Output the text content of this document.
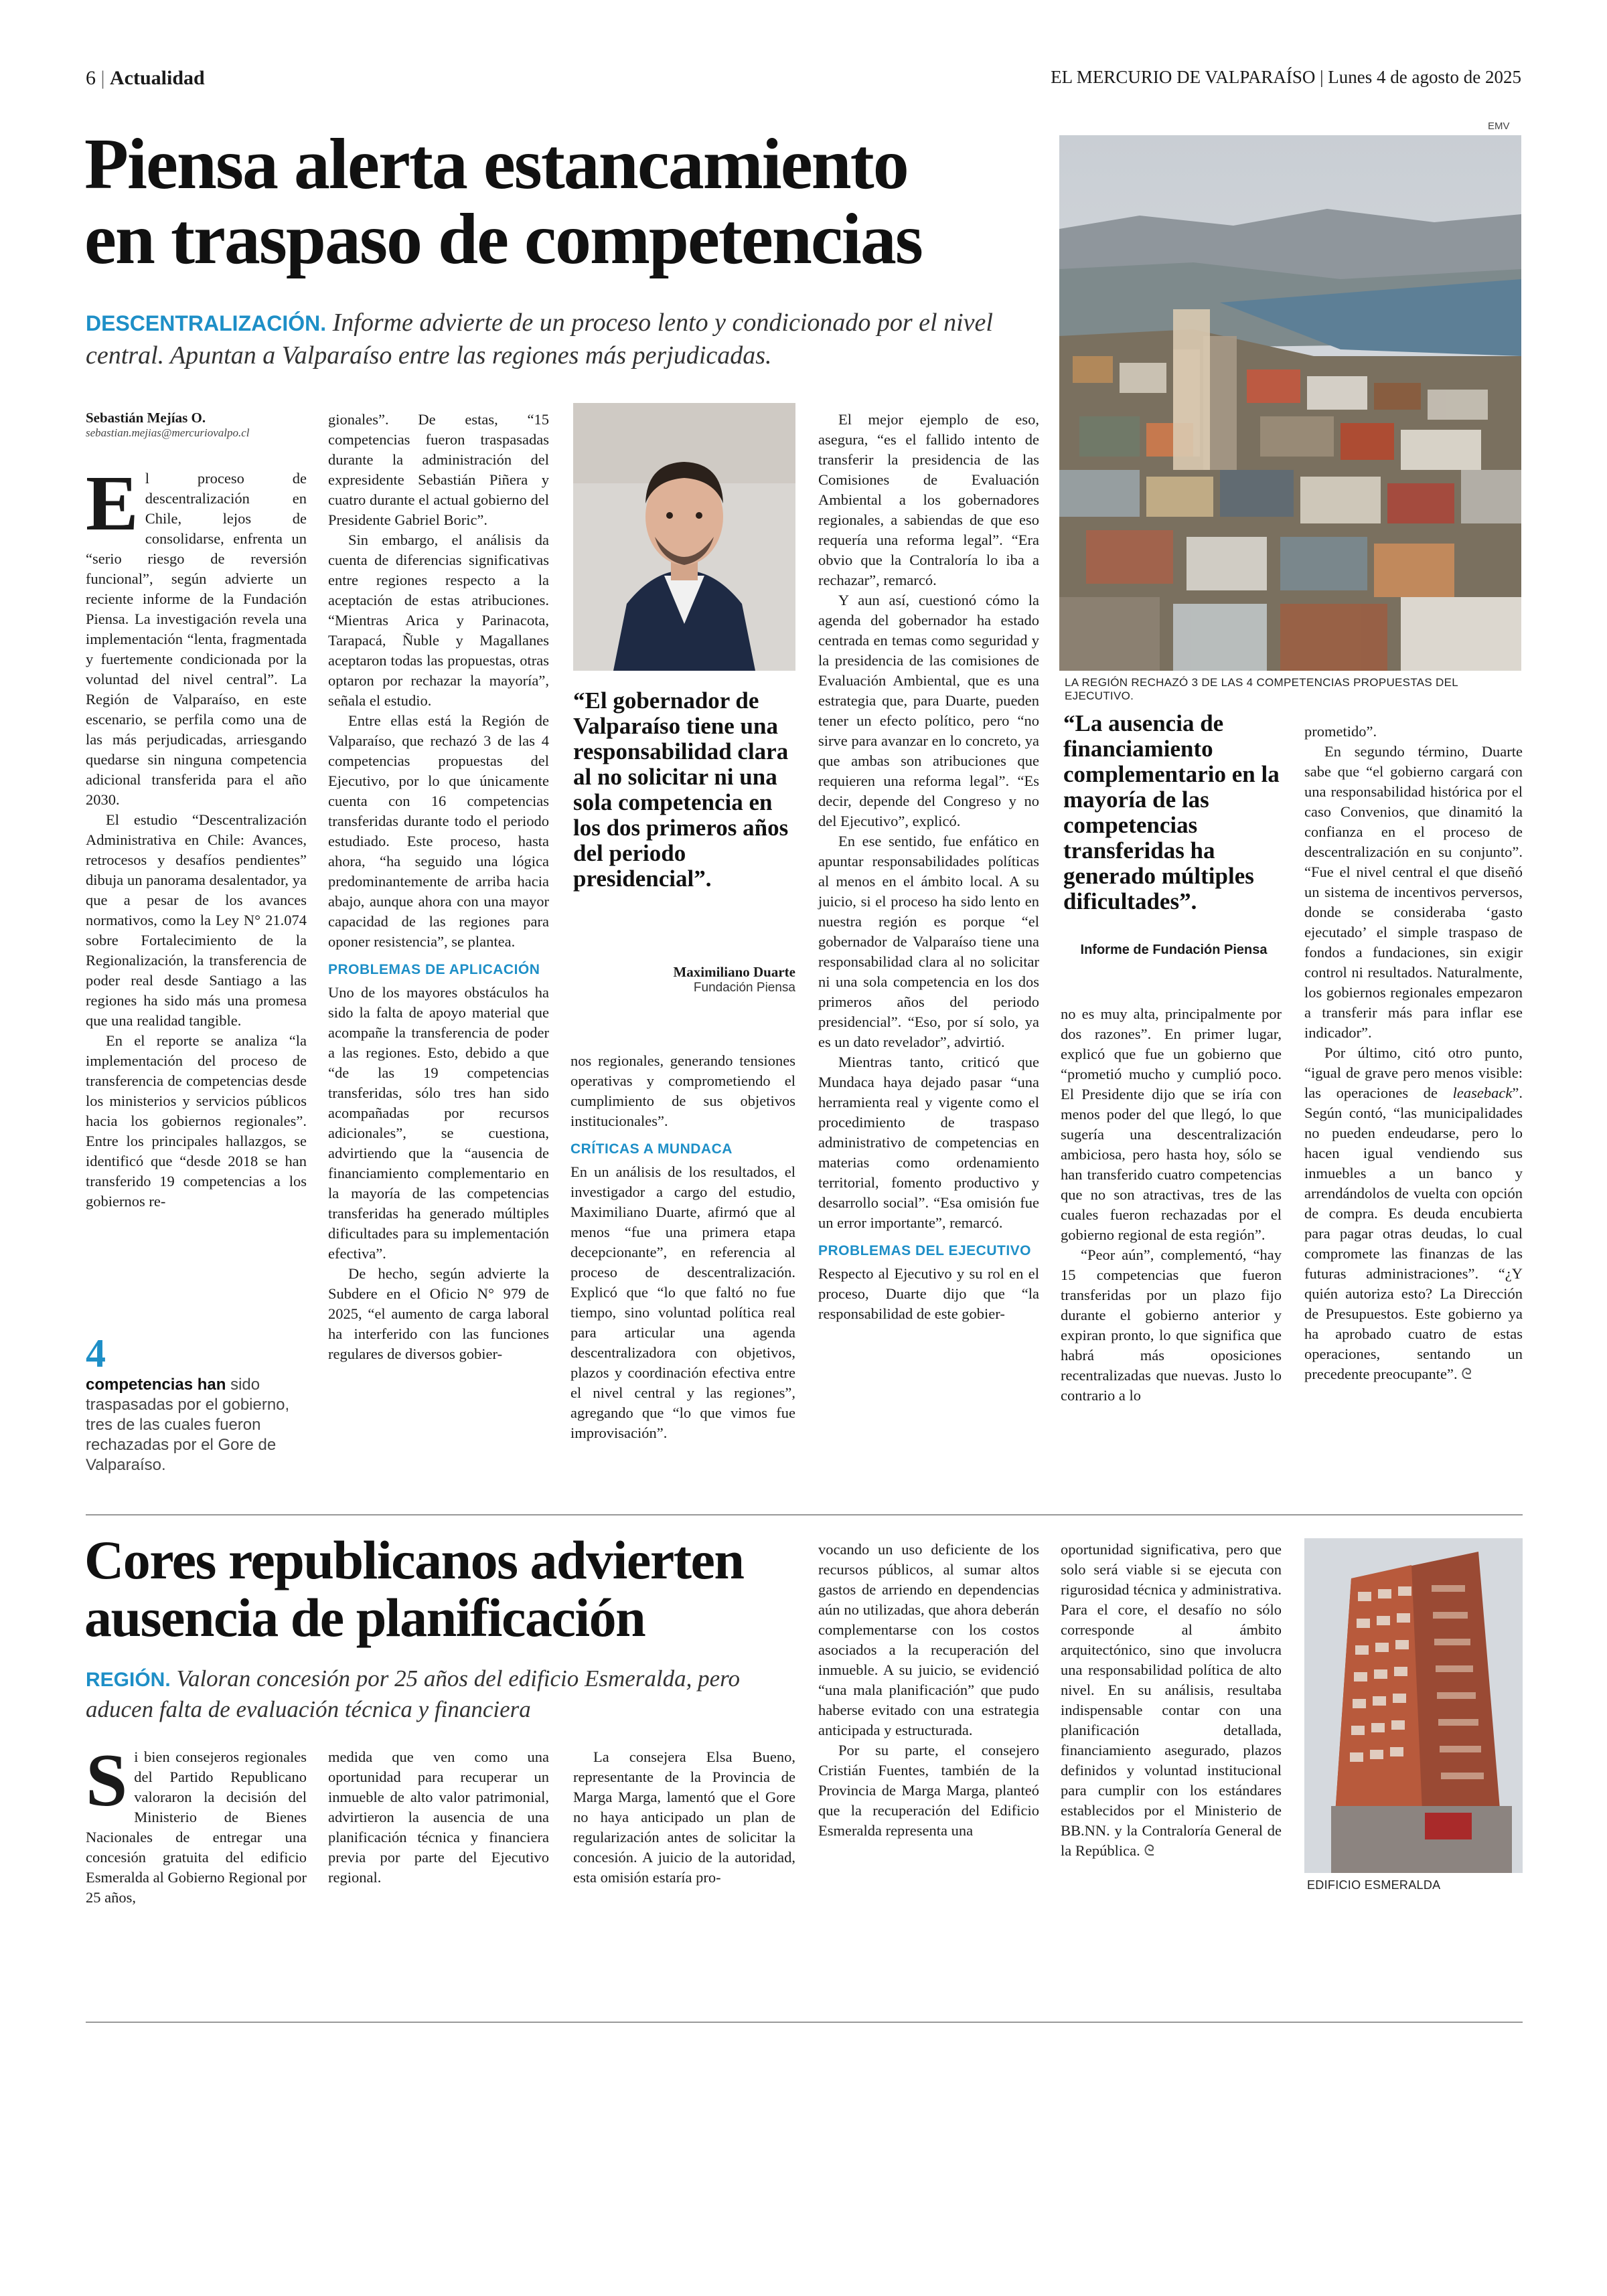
6 | Actualidad	EL MERCURIO DE VALPARAÍSO | Lunes 4 de agosto de 2025
Piensa alerta estancamiento
en traspaso de competencias
DESCENTRALIZACIÓN. Informe advierte de un proceso lento y condicionado por el nivel central. Apuntan a Valparaíso entre las regiones más perjudicadas.
EMV
LA REGIÓN RECHAZÓ 3 DE LAS 4 COMPETENCIAS PROPUESTAS DEL EJECUTIVO.
Sebastián Mejías O.
sebastian.mejias@mercuriovalpo.cl

El proceso de descentralización en Chile, lejos de consolidarse, enfrenta un “serio riesgo de reversión funcional”, según advierte un reciente informe de la Fundación Piensa. La investigación revela una implementación “lenta, fragmentada y fuertemente condicionada por la voluntad del nivel central”. La Región de Valparaíso, en este escenario, se perfila como una de las más perjudicadas, arriesgando quedarse sin ninguna competencia adicional transferida para el año 2030.

El estudio “Descentralización Administrativa en Chile: Avances, retrocesos y desafíos pendientes” dibuja un panorama desalentador, ya que a pesar de los avances normativos, como la Ley N° 21.074 sobre Fortalecimiento de la Regionalización, la transferencia de poder real desde Santiago a las regiones ha sido más una promesa que una realidad tangible.

En el reporte se analiza “la implementación del proceso de transferencia de competencias desde los ministerios y servicios públicos hacia los gobiernos regionales”. Entre los principales hallazgos, se identificó que “desde 2018 se han transferido 19 competencias a los gobiernos re-

4
competencias han sido traspasadas por el gobierno, tres de las cuales fueron rechazadas por el Gore de Valparaíso.

gionales”. De estas, “15 competencias fueron traspasadas durante la administración del expresidente Sebastián Piñera y cuatro durante el actual gobierno del Presidente Gabriel Boric”.

Sin embargo, el análisis da cuenta de diferencias significativas entre regiones respecto a la aceptación de estas atribuciones. “Mientras Arica y Parinacota, Tarapacá, Ñuble y Magallanes aceptaron todas las propuestas, otras optaron por rechazar la mayoría”, señala el estudio.

Entre ellas está la Región de Valparaíso, que rechazó 3 de las 4 competencias propuestas del Ejecutivo, por lo que únicamente cuenta con 16 competencias transferidas durante todo el periodo estudiado. Este proceso, hasta ahora, “ha seguido una lógica predominantemente de arriba hacia abajo, aunque ahora con una mayor capacidad de las regiones para oponer resistencia”, se plantea.

PROBLEMAS DE APLICACIÓN

Uno de los mayores obstáculos ha sido la falta de apoyo material que acompañe la transferencia de poder a las regiones. Esto, debido a que “de las 19 competencias transferidas, sólo tres han sido acompañadas por recursos adicionales”, se cuestiona, advirtiendo que la “ausencia de financiamiento complementario en la mayoría de las competencias transferidas ha generado múltiples dificultades para su implementación efectiva”.

De hecho, según advierte la Subdere en el Oficio N° 979 de 2025, “el aumento de carga laboral ha interferido con las funciones regulares de diversos gobier-

“El gobernador de Valparaíso tiene una responsabilidad clara al no solicitar ni una sola competencia en los dos primeros años del periodo presidencial”.
Maximiliano Duarte
Fundación Piensa

nos regionales, generando tensiones operativas y comprometiendo el cumplimiento de sus objetivos institucionales”.

CRÍTICAS A MUNDACA

En un análisis de los resultados, el investigador a cargo del estudio, Maximiliano Duarte, afirmó que al menos “fue una primera etapa decepcionante”, en referencia al proceso de descentralización. Explicó que “lo que faltó no fue tiempo, sino voluntad política real para articular una agenda descentralizadora con objetivos, plazos y coordinación efectiva entre el nivel central y las regiones”, agregando que “lo que vimos fue improvisación”.

El mejor ejemplo de eso, asegura, “es el fallido intento de transferir la presidencia de las Comisiones de Evaluación Ambiental a los gobernadores regionales, a sabiendas de que eso requería una reforma legal”. “Era obvio que la Contraloría lo iba a rechazar”, remarcó.

Y aun así, cuestionó cómo la agenda del gobernador ha estado centrada en temas como seguridad y la presidencia de las comisiones de Evaluación Ambiental, que es una estrategia que, para Duarte, pueden tener un efecto político, pero “no sirve para avanzar en lo concreto, ya que ambas son atribuciones que requieren una reforma legal”. “Es decir, depende del Congreso y no del Ejecutivo”, explicó.

En ese sentido, fue enfático en apuntar responsabilidades políticas al menos en el ámbito local. A su juicio, si el proceso ha sido lento en nuestra región es porque “el gobernador de Valparaíso tiene una responsabilidad clara al no solicitar ni una sola competencia en los dos primeros años del periodo presidencial”. “Eso, por sí solo, ya es un dato revelador”, advirtió.

Mientras tanto, criticó que Mundaca haya dejado pasar “una herramienta real y vigente como el procedimiento de traspaso administrativo de competencias en materias como ordenamiento territorial, fomento productivo y desarrollo social”. “Esa omisión fue un error importante”, remarcó.

PROBLEMAS DEL EJECUTIVO

Respecto al Ejecutivo y su rol en el proceso, Duarte dijo que “la responsabilidad de este gobier-

“La ausencia de financiamiento complementario en la mayoría de las competencias transferidas ha generado múltiples dificultades”.
Informe de Fundación Piensa

no es muy alta, principalmente por dos razones”. En primer lugar, explicó que fue un gobierno que “prometió mucho y cumplió poco. El Presidente dijo que se iría con menos poder del que llegó, lo que sugería una descentralización ambiciosa, pero hasta hoy, sólo se han transferido cuatro competencias que no son atractivas, tres de las cuales fueron rechazadas por el gobierno regional de esta región”.

“Peor aún”, complementó, “hay 15 competencias que fueron transferidas por un plazo fijo durante el gobierno anterior y expiran pronto, lo que significa que habrá más oposiciones recentralizadas que nuevas. Justo lo contrario a lo

prometido”.

En segundo término, Duarte sabe que “el gobierno cargará con una responsabilidad histórica por el caso Convenios, que dinamitó la confianza en el proceso de descentralización en su conjunto”. “Fue el nivel central el que diseñó un sistema de incentivos perversos, donde se consideraba ‘gasto ejecutado’ el simple traspaso de fondos a fundaciones, sin exigir control ni resultados. Naturalmente, los gobiernos regionales empezaron a transferir más para inflar ese indicador”.

Por último, citó otro punto, “igual de grave pero menos visible: las operaciones de leaseback”. Según contó, “las municipalidades no pueden endeudarse, pero lo hacen igual vendiendo sus inmuebles a un banco y arrendándolos de vuelta con opción de compra. Es deuda encubierta para pagar otras deudas, lo cual compromete las finanzas de las futuras administraciones”. “¿Y quién autoriza esto? La Dirección de Presupuestos. Este gobierno ya ha aprobado cuatro de estas operaciones, sentando un precedente preocupante”. ᘓ

Cores republicanos advierten
ausencia de planificación
REGIÓN. Valoran concesión por 25 años del edificio Esmeralda, pero aducen falta de evaluación técnica y financiera

Si bien consejeros regionales del Partido Republicano valoraron la decisión del Ministerio de Bienes Nacionales de entregar una concesión gratuita del edificio Esmeralda al Gobierno Regional por 25 años,

medida que ven como una oportunidad para recuperar un inmueble de alto valor patrimonial, advirtieron la ausencia de una planificación técnica y financiera previa por parte del Ejecutivo regional.

La consejera Elsa Bueno, representante de la Provincia de Marga Marga, lamentó que el Gore no haya anticipado un plan de regularización antes de solicitar la concesión. A juicio de la autoridad, esta omisión estaría pro-

vocando un uso deficiente de los recursos públicos, al sumar altos gastos de arriendo en dependencias aún no utilizadas, que ahora deberán complementarse con los costos asociados a la recuperación del inmueble. A su juicio, se evidenció “una mala planificación” que pudo haberse evitado con una estrategia anticipada y estructurada.

Por su parte, el consejero Cristián Fuentes, también de la Provincia de Marga Marga, planteó que la recuperación del Edificio Esmeralda representa una

oportunidad significativa, pero que solo será viable si se ejecuta con rigurosidad técnica y administrativa. Para el core, el desafío no sólo corresponde al ámbito arquitectónico, sino que involucra una responsabilidad política de alto nivel. En su análisis, resultaba indispensable contar con una planificación detallada, financiamiento asegurado, plazos definidos y voluntad institucional para cumplir con los estándares establecidos por el Ministerio de BB.NN. y la Contraloría General de la República. ᘓ

EDIFICIO ESMERALDA
